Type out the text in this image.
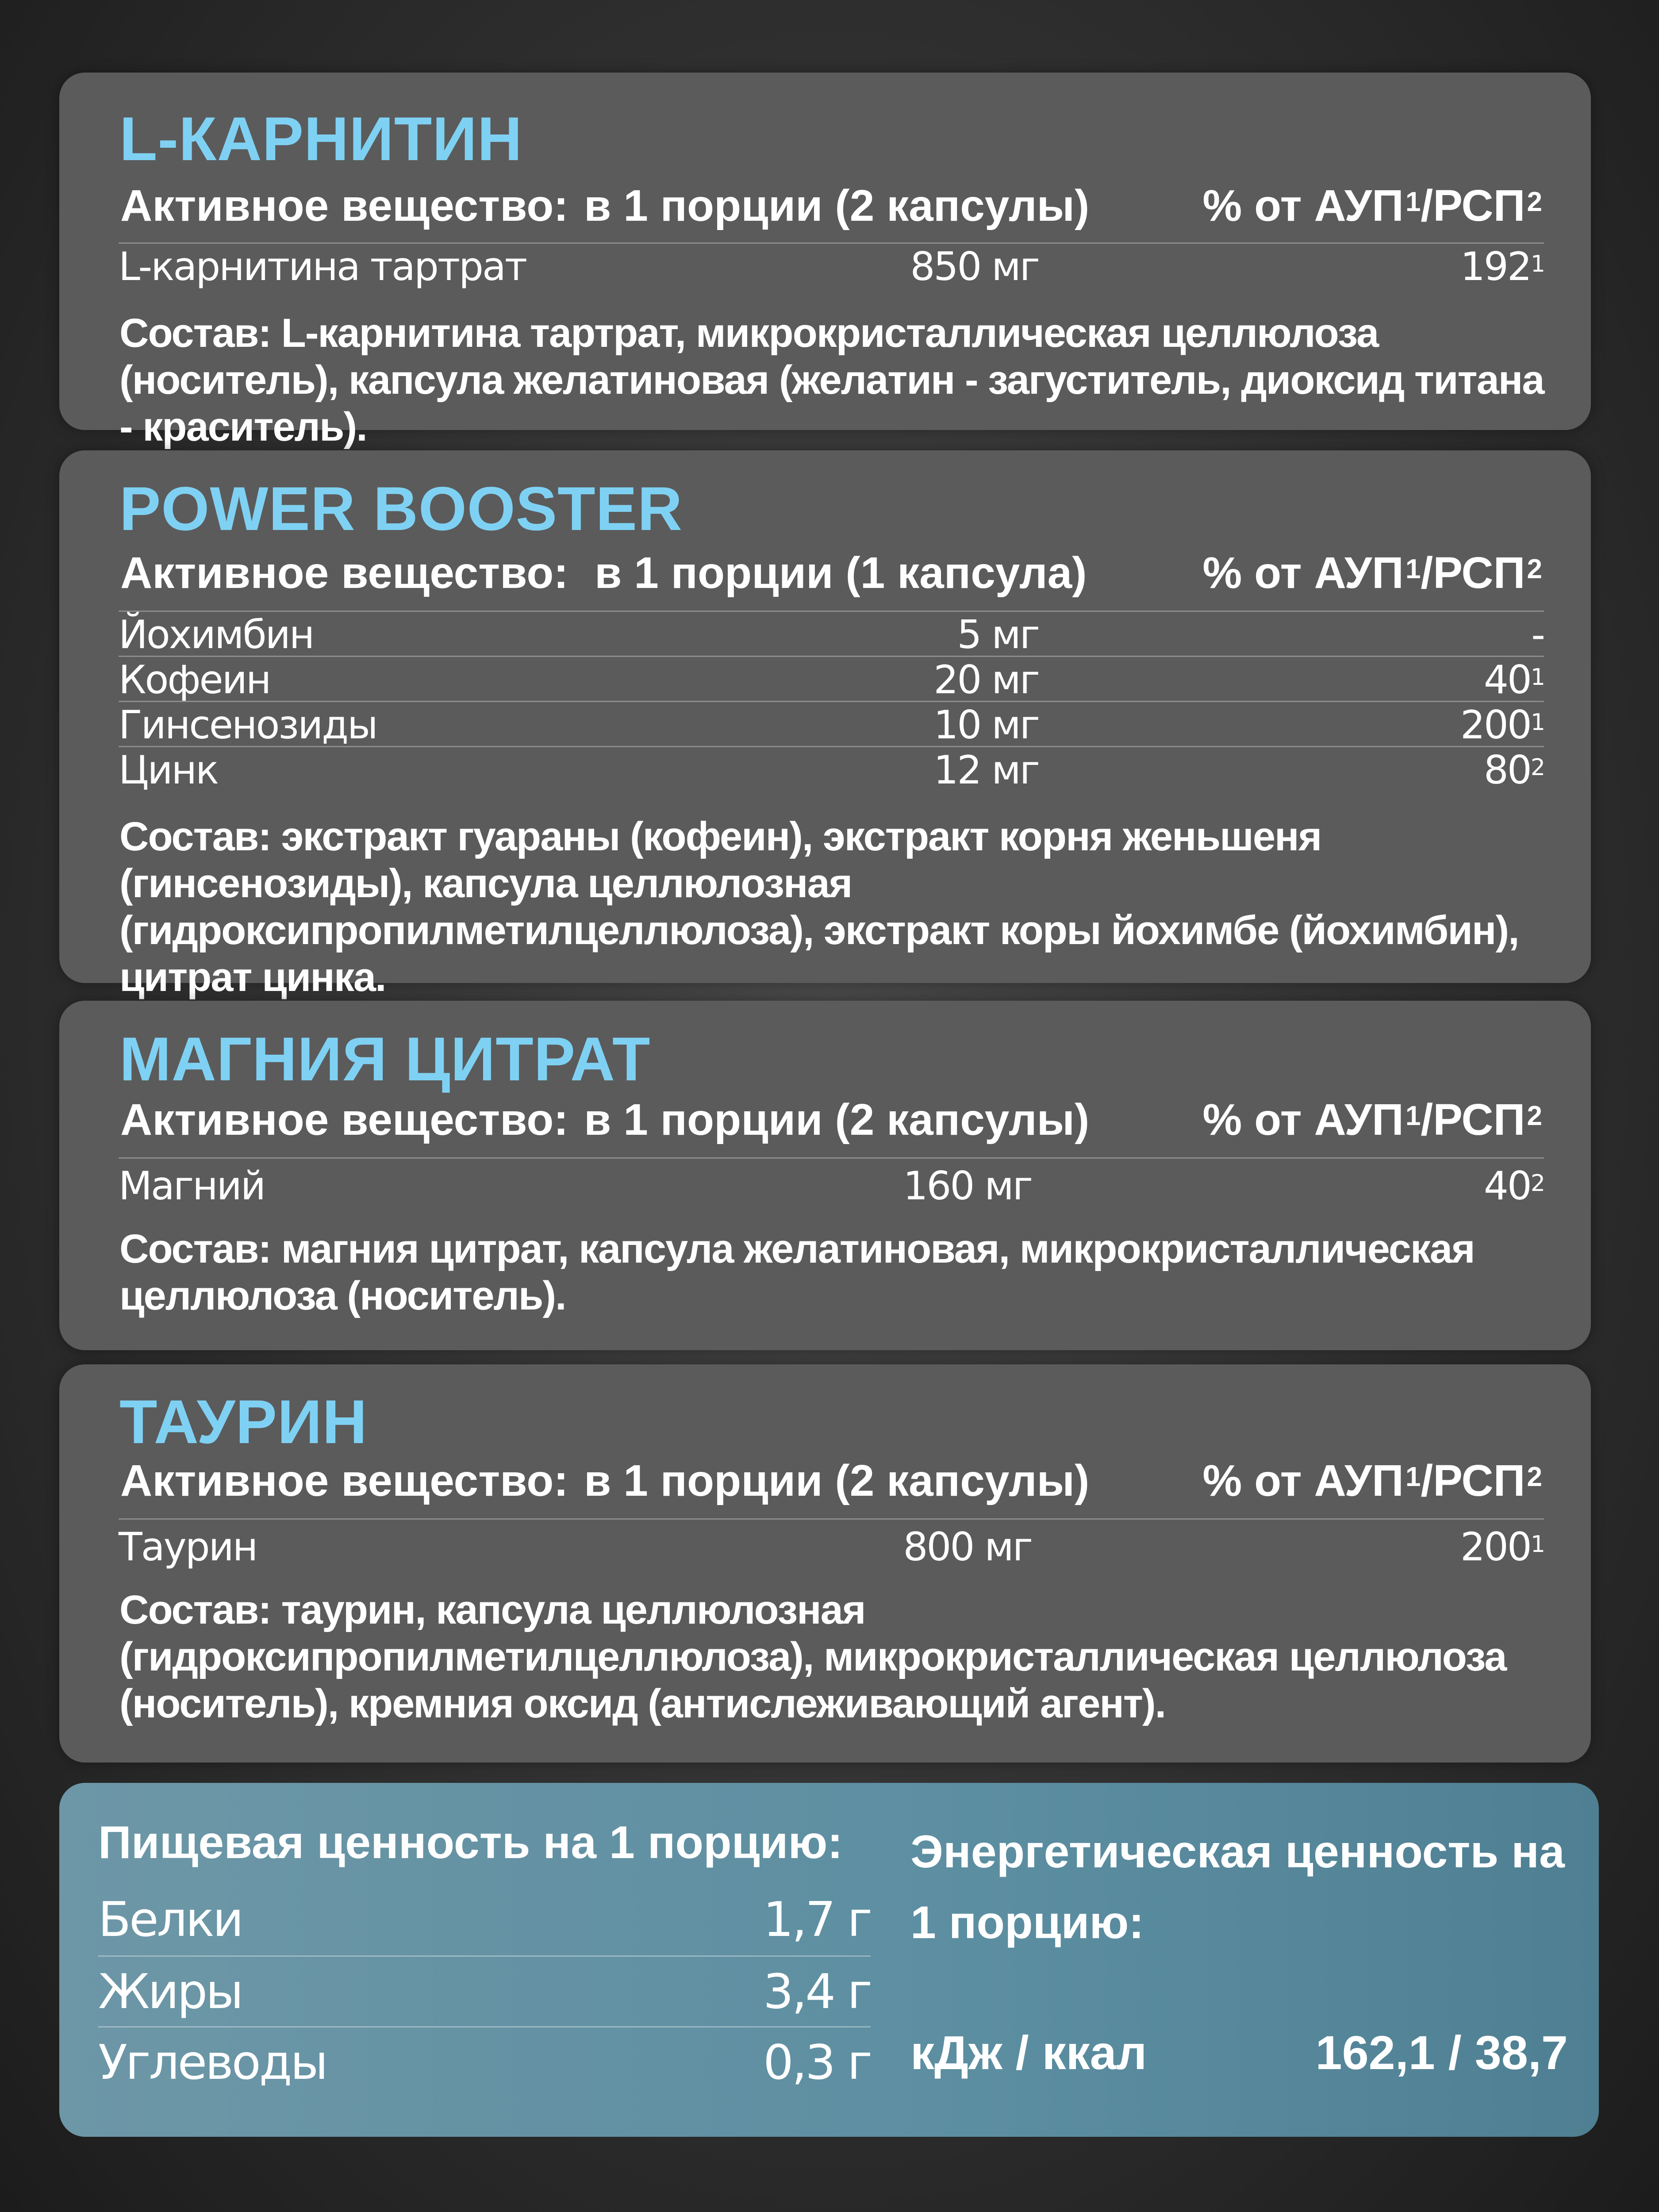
L-КАРНИТИН
Активное вещество: в 1 порции (2 капсулы)	% от АУП$^1$/РСП$^2$
L-карнитина тартрат	850 мг	$192^1$
Состав: L-карнитина тартрат, микрокристаллическая целлюлоза (носитель), капсула желатиновая (желатин - загуститель, диоксид титана - краситель).
POWER BOOSTER
Активное вещество: в 1 порции (1 капсула)	% от АУП$^1$/РСП$^2$
Йохимбин	5 мг	-
Кофеин	20 мг	$40^1$
Гинсенозиды	10 мг	$200^1$
Цинк	12 мг	$80^2$
Состав: экстракт гуараны (кофеин), экстракт корня женьшеня (гинсенозиды), капсула целлюлозная (гидроксипропилметилцеллюлоза), экстракт коры йохимбе (йохимбин), цитрат цинка.
МАГНИЯ ЦИТРАТ
Активное вещество: в 1 порции (2 капсулы)	% от АУП$^1$/РСП$^2$
Магний	160 мг	$40^2$
Состав: магния цитрат, капсула желатиновая, микрокристаллическая целлюлоза (носитель).
ТАУРИН
Активное вещество: в 1 порции (2 капсулы)	% от АУП$^1$/РСП$^2$
Таурин	800 мг	$200^1$
Состав: таурин, капсула целлюлозная (гидроксипропилметилцеллюлоза), микрокристаллическая целлюлоза (носитель), кремния оксид (антислеживающий агент).
Пищевая ценность на 1 порцию:
Белки	1,7 г
Жиры	3,4 г
Углеводы	0,3 г
Энергетическая ценность на 1 порцию:
кДж / ккал	162,1 / 38,7
